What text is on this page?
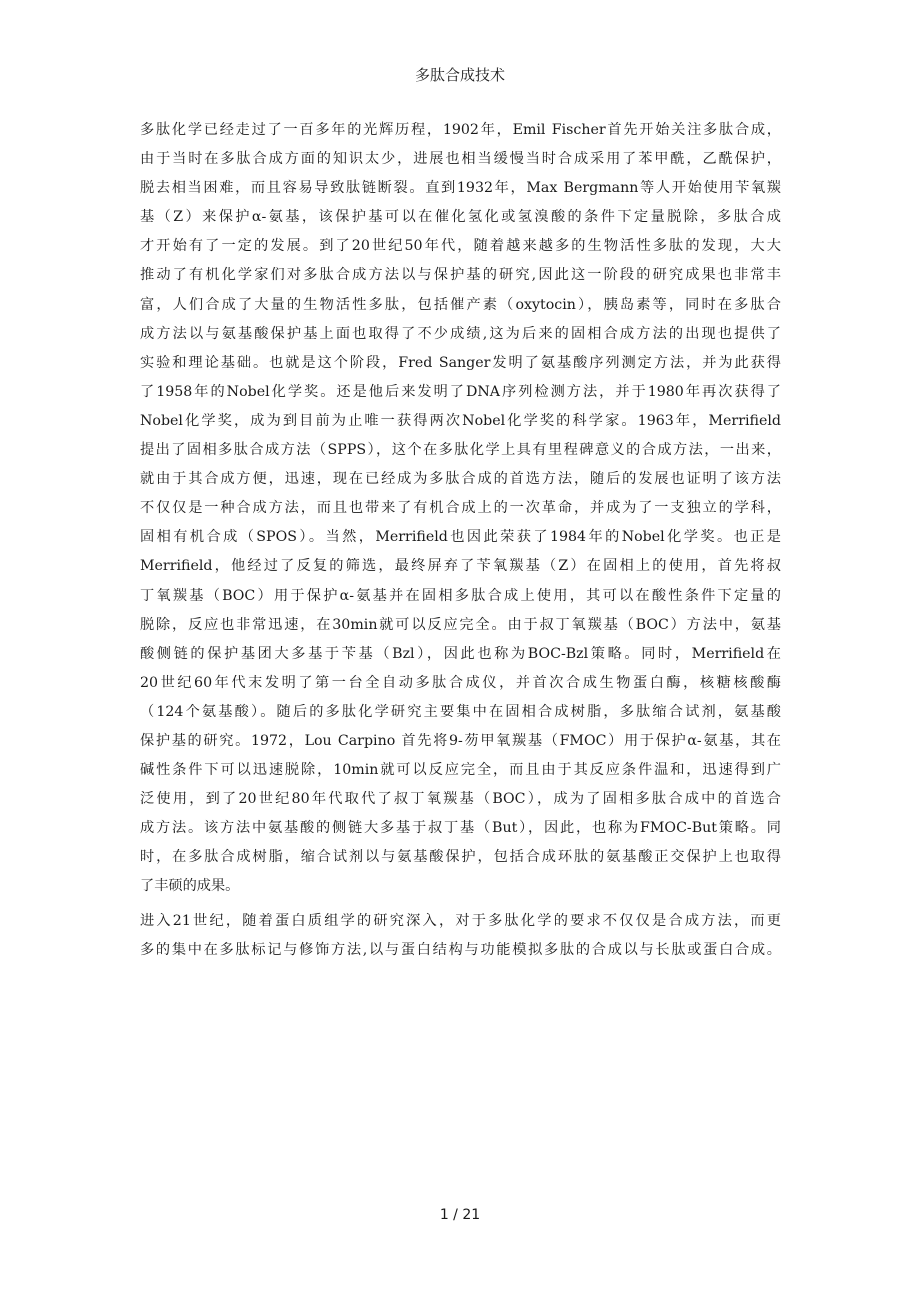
多肽合成技术
多肽化学已经走过了一百多年的光辉历程，1902年，Emil Fischer首先开始关注多肽合成，
由于当时在多肽合成方面的知识太少，进展也相当缓慢当时合成采用了苯甲酰，乙酰保护，
脱去相当困难，而且容易导致肽链断裂。直到1932年，Max Bergmann等人开始使用苄氧羰
基（Z）来保护α-氨基，该保护基可以在催化氢化或氢溴酸的条件下定量脱除，多肽合成
才开始有了一定的发展。到了20世纪50年代，随着越来越多的生物活性多肽的发现，大大
推动了有机化学家们对多肽合成方法以与保护基的研究,因此这一阶段的研究成果也非常丰
富，人们合成了大量的生物活性多肽，包括催产素（oxytocin），胰岛素等，同时在多肽合
成方法以与氨基酸保护基上面也取得了不少成绩,这为后来的固相合成方法的出现也提供了
实验和理论基础。也就是这个阶段，Fred Sanger发明了氨基酸序列测定方法，并为此获得
了1958年的Nobel化学奖。还是他后来发明了DNA序列检测方法，并于1980年再次获得了
Nobel化学奖，成为到目前为止唯一获得两次Nobel化学奖的科学家。1963年，Merrifield
提出了固相多肽合成方法（SPPS），这个在多肽化学上具有里程碑意义的合成方法，一出来，
就由于其合成方便，迅速，现在已经成为多肽合成的首选方法，随后的发展也证明了该方法
不仅仅是一种合成方法，而且也带来了有机合成上的一次革命，并成为了一支独立的学科，
固相有机合成（SPOS）。当然，Merrifield也因此荣获了1984年的Nobel化学奖。也正是
Merrifield，他经过了反复的筛选，最终屏弃了苄氧羰基（Z）在固相上的使用，首先将叔
丁氧羰基（BOC）用于保护α-氨基并在固相多肽合成上使用，其可以在酸性条件下定量的
脱除，反应也非常迅速，在30min就可以反应完全。由于叔丁氧羰基（BOC）方法中，氨基
酸侧链的保护基团大多基于苄基（Bzl），因此也称为BOC-Bzl策略。同时，Merrifield在
20世纪60年代末发明了第一台全自动多肽合成仪，并首次合成生物蛋白酶，核糖核酸酶
（124个氨基酸）。随后的多肽化学研究主要集中在固相合成树脂，多肽缩合试剂，氨基酸
保护基的研究。1972，Lou Carpino 首先将9-芴甲氧羰基（FMOC）用于保护α-氨基，其在
碱性条件下可以迅速脱除，10min就可以反应完全，而且由于其反应条件温和，迅速得到广
泛使用，到了20世纪80年代取代了叔丁氧羰基（BOC），成为了固相多肽合成中的首选合
成方法。该方法中氨基酸的侧链大多基于叔丁基（But），因此，也称为FMOC-But策略。同
时，在多肽合成树脂，缩合试剂以与氨基酸保护，包括合成环肽的氨基酸正交保护上也取得
了丰硕的成果。
进入21世纪，随着蛋白质组学的研究深入，对于多肽化学的要求不仅仅是合成方法，而更
多的集中在多肽标记与修饰方法,以与蛋白结构与功能模拟多肽的合成以与长肽或蛋白合成。
1 / 21
